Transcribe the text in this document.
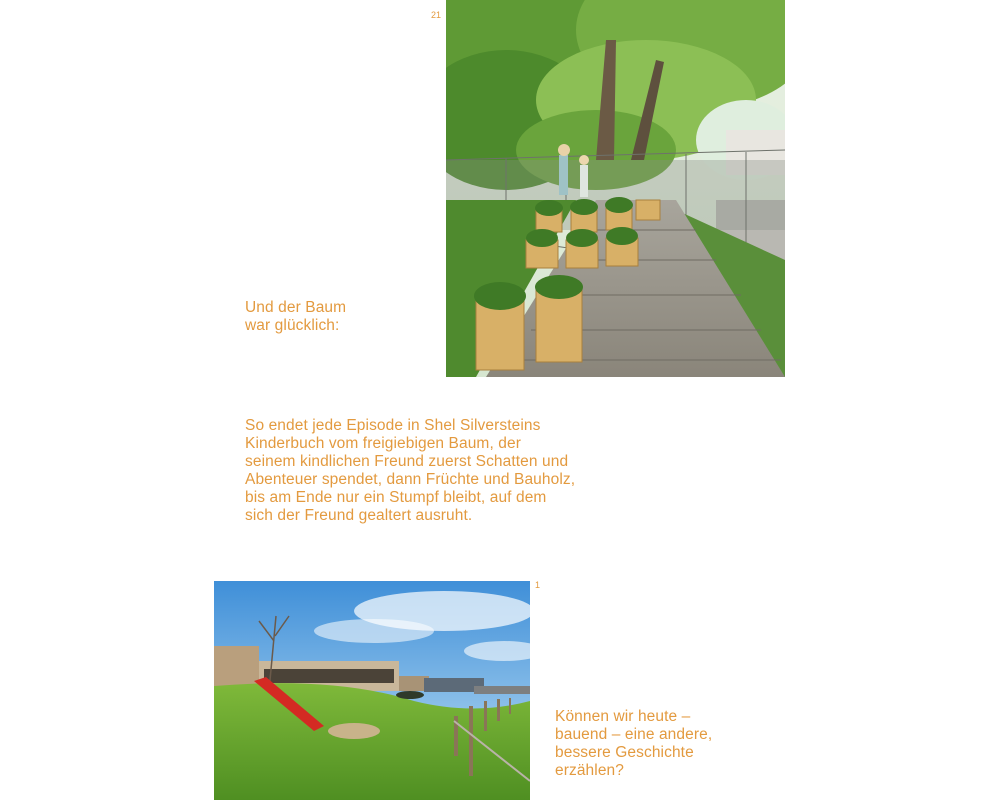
21
Und der Baum
war glücklich:
So endet jede Episode in Shel Silversteins
Kinderbuch vom freigiebigen Baum, der
seinem kindlichen Freund zuerst Schatten und
Abenteuer spendet, dann Früchte und Bauholz,
bis am Ende nur ein Stumpf bleibt, auf dem
sich der Freund gealtert ausruht.
1
Können wir heute –
bauend – eine andere,
bessere Geschichte
erzählen?
